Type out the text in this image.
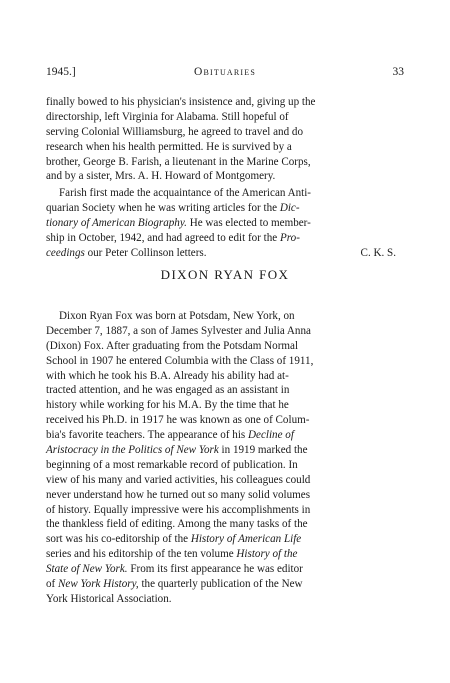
1945.]	Obituaries	33
finally bowed to his physician's insistence and, giving up the
directorship, left Virginia for Alabama. Still hopeful of
serving Colonial Williamsburg, he agreed to travel and do
research when his health permitted. He is survived by a
brother, George B. Farish, a lieutenant in the Marine Corps,
and by a sister, Mrs. A. H. Howard of Montgomery.
Farish first made the acquaintance of the American Anti-
quarian Society when he was writing articles for the Dic-
tionary of American Biography. He was elected to member-
ship in October, 1942, and had agreed to edit for the Pro-
ceedings our Peter Collinson letters.	C. K. S.
DIXON RYAN FOX
Dixon Ryan Fox was born at Potsdam, New York, on
December 7, 1887, a son of James Sylvester and Julia Anna
(Dixon) Fox. After graduating from the Potsdam Normal
School in 1907 he entered Columbia with the Class of 1911,
with which he took his B.A. Already his ability had at-
tracted attention, and he was engaged as an assistant in
history while working for his M.A. By the time that he
received his Ph.D. in 1917 he was known as one of Colum-
bia's favorite teachers. The appearance of his Decline of
Aristocracy in the Politics of New York in 1919 marked the
beginning of a most remarkable record of publication. In
view of his many and varied activities, his colleagues could
never understand how he turned out so many solid volumes
of history. Equally impressive were his accomplishments in
the thankless field of editing. Among the many tasks of the
sort was his co-editorship of the History of American Life
series and his editorship of the ten volume History of the
State of New York. From its first appearance he was editor
of New York History, the quarterly publication of the New
York Historical Association.
